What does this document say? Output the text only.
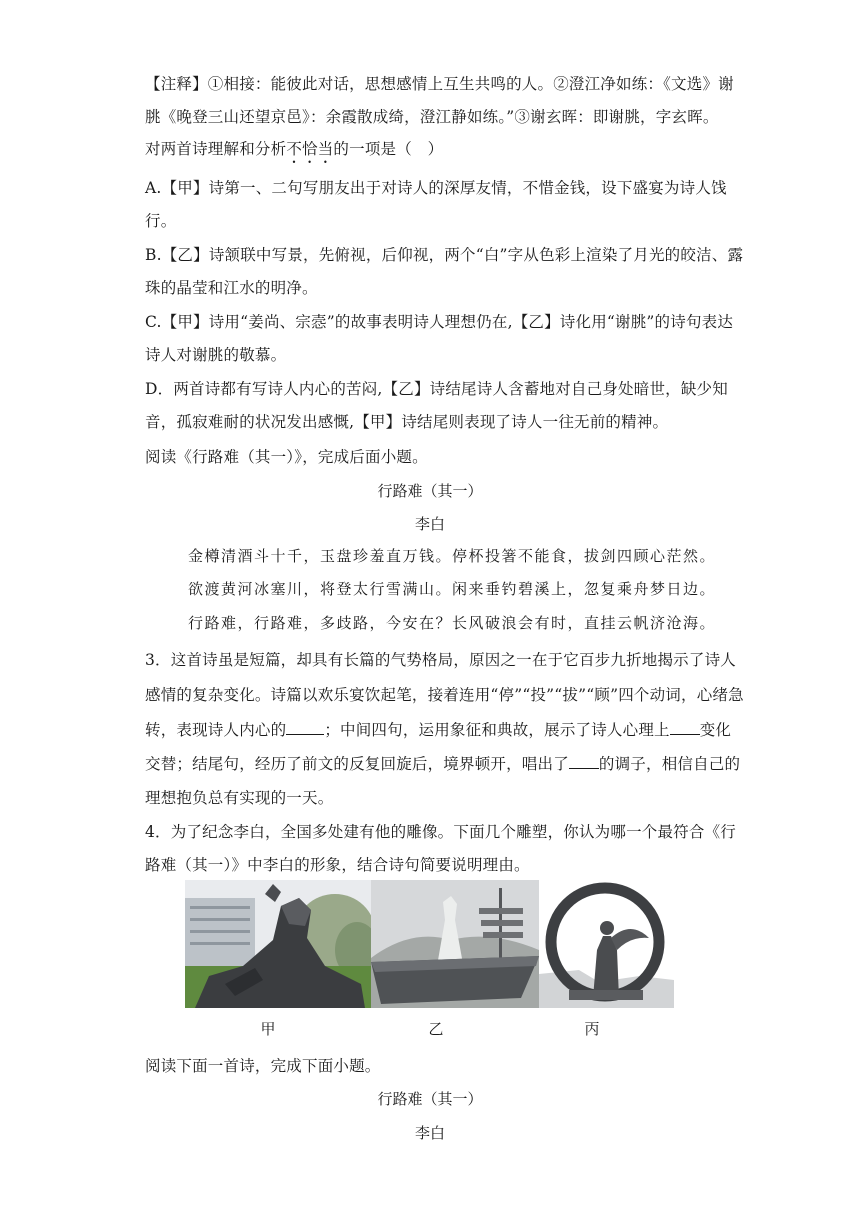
【注释】①相接：能彼此对话，思想感情上互生共鸣的人。②澄江净如练：《文选》谢
朓《晚登三山还望京邑》：余霞散成绮，澄江静如练。”③谢玄晖：即谢朓，字玄晖。
对两首诗理解和分析不恰当的一项是（　）
A.【甲】诗第一、二句写朋友出于对诗人的深厚友情，不惜金钱，设下盛宴为诗人饯
行。
B.【乙】诗颔联中写景，先俯视，后仰视，两个“白”字从色彩上渲染了月光的皎洁、露
珠的晶莹和江水的明净。
C.【甲】诗用“姜尚、宗悫”的故事表明诗人理想仍在,【乙】诗化用“谢朓”的诗句表达
诗人对谢朓的敬慕。
D．两首诗都有写诗人内心的苦闷,【乙】诗结尾诗人含蓄地对自己身处暗世，缺少知
音，孤寂难耐的状况发出感慨,【甲】诗结尾则表现了诗人一往无前的精神。
阅读《行路难（其一）》，完成后面小题。
行路难（其一）
李白
金樽清酒斗十千，玉盘珍羞直万钱。停杯投箸不能食，拔剑四顾心茫然。
欲渡黄河冰塞川，将登太行雪满山。闲来垂钓碧溪上，忽复乘舟梦日边。
行路难，行路难，多歧路，今安在？长风破浪会有时，直挂云帆济沧海。
3．这首诗虽是短篇，却具有长篇的气势格局，原因之一在于它百步九折地揭示了诗人
感情的复杂变化。诗篇以欢乐宴饮起笔，接着连用“停”“投”“拔”“顾”四个动词，心绪急
转，表现诗人内心的 ；中间四句，运用象征和典故，展示了诗人心理上 变化
交替；结尾句，经历了前文的反复回旋后，境界顿开，唱出了 的调子，相信自己的
理想抱负总有实现的一天。
甲	乙	丙
阅读下面一首诗，完成下面小题。
行路难（其一）
李白
4．为了纪念李白，全国多处建有他的雕像。下面几个雕塑，你认为哪一个最符合《行
路难（其一）》中李白的形象，结合诗句简要说明理由。
